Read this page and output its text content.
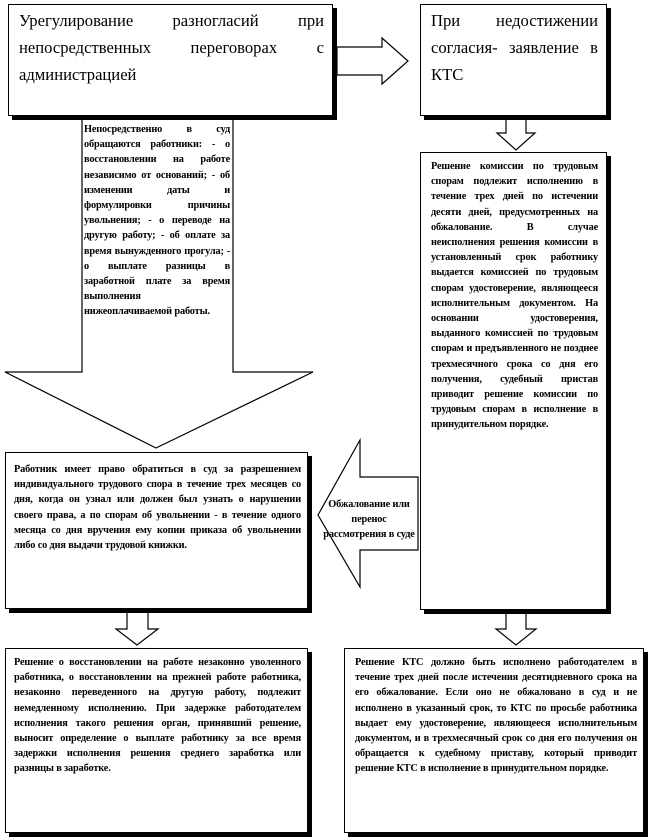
Урегулирование разногласий при непосредственных переговорах с администрацией

При недостижении согласия- заявление в КТС

Непосредственно в суд обращаются работники: - о восстановлении на работе независимо от оснований; - об изменении даты и формулировки причины увольнения; - о переводе на другую работу; - об оплате за время вынужденного прогула; - о выплате разницы в заработной плате за время выполнения нижеоплачиваемой работы.

Решение комиссии по трудовым спорам подлежит исполнению в течение трех дней по истечении десяти дней, предусмотренных на обжалование. В случае неисполнения решения комиссии в установленный срок работнику выдается комиссией по трудовым спорам удостоверение, являющееся исполнительным документом. На основании удостоверения, выданного комиссией по трудовым спорам и предъявленного не позднее трехмесячного срока со дня его получения, судебный пристав приводит решение комиссии по трудовым спорам в исполнение в принудительном порядке.

Обжалование или перенос рассмотрения в суде

Работник имеет право обратиться в суд за разрешением индивидуального трудового спора в течение трех месяцев со дня, когда он узнал или должен был узнать о нарушении своего права, а по спорам об увольнении - в течение одного месяца со дня вручения ему копии приказа об увольнении либо со дня выдачи трудовой книжки.

Решение о восстановлении на работе незаконно уволенного работника, о восстановлении на прежней работе работника, незаконно переведенного на другую работу, подлежит немедленному исполнению. При задержке работодателем исполнения такого решения орган, принявший решение, выносит определение о выплате работнику за все время задержки исполнения решения среднего заработка или разницы в заработке.

Решение КТС должно быть исполнено работодателем в течение трех дней после истечения десятидневного срока на его обжалование. Если оно не обжаловано в суд и не исполнено в указанный срок, то КТС по просьбе работника выдает ему удостоверение, являющееся исполнительным документом, и в трехмесячный срок со дня его получения он обращается к судебному приставу, который приводит решение КТС в исполнение в принудительном порядке.
